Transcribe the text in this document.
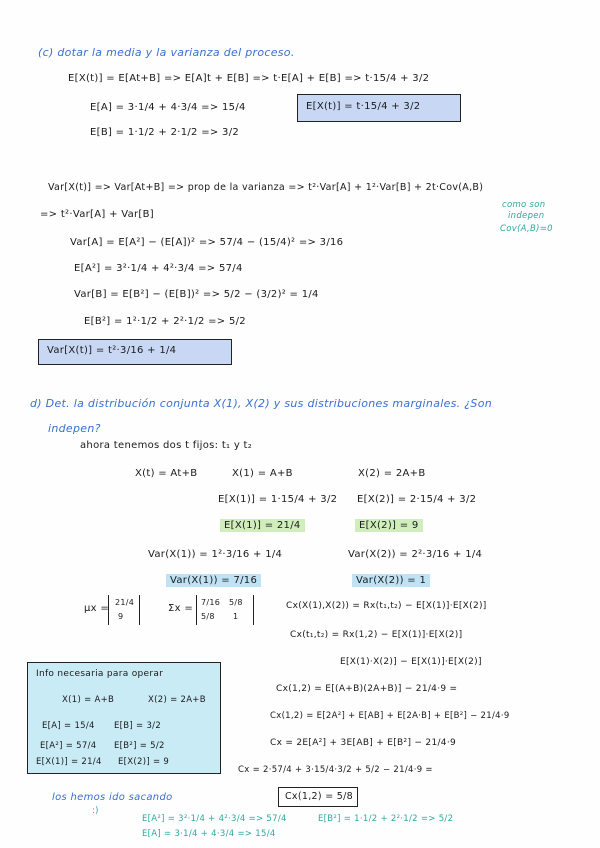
(c) dotar la media y la varianza del proceso.
E[X(t)] = E[At+B] => E[A]t + E[B] => t·E[A] + E[B] => t·15/4 + 3/2
E[A] = 3·1/4 + 4·3/4 => 15/4	E[X(t)] = t·15/4 + 3/2
E[B] = 1·1/2 + 2·1/2 => 3/2
Var[X(t)] => Var[At+B] => prop de la varianza => t²·Var[A] + 1²·Var[B] + 2t·Cov(A,B)
como son
indepen
Cov(A,B)=0
=> t²·Var[A] + Var[B]
Var[A] = E[A²] − (E[A])² => 57/4 − (15/4)² => 3/16
E[A²] = 3²·1/4 + 4²·3/4 => 57/4
Var[B] = E[B²] − (E[B])² => 5/2 − (3/2)² = 1/4
E[B²] = 1²·1/2 + 2²·1/2 => 5/2
Var[X(t)] = t²·3/16 + 1/4
d) Det. la distribución conjunta X(1), X(2) y sus distribuciones marginales. ¿Son
indepen?
ahora tenemos dos t fijos: t₁ y t₂
X(t) = At+B	X(1) = A+B	X(2) = 2A+B
E[X(1)] = 1·15/4 + 3/2 E[X(2)] = 2·15/4 + 3/2
E[X(1)] = 21/4	E[X(2)] = 9
Var(X(1)) = 1²·3/16 + 1/4	Var(X(2)) = 2²·3/16 + 1/4
Var(X(1)) = 7/16	Var(X(2)) = 1
μx =
21/4
9
Σx =
7/16 5/8
5/8 1
Cx(X(1),X(2)) = Rx(t₁,t₂) − E[X(1)]·E[X(2)]
Cx(t₁,t₂) = Rx(1,2) − E[X(1)]·E[X(2)]
E[X(1)·X(2)] − E[X(1)]·E[X(2)]
Cx(1,2) = E[(A+B)(2A+B)] − 21/4·9 =
Cx(1,2) = E[2A²] + E[AB] + E[2A·B] + E[B²] − 21/4·9
Cx = 2E[A²] + 3E[AB] + E[B²] − 21/4·9
Cx = 2·57/4 + 3·15/4·3/2 + 5/2 − 21/4·9 =
Cx(1,2) = 5/8
Info necesaria para operar
X(1) = A+B	X(2) = 2A+B
E[A] = 15/4 E[B] = 3/2
E[A²] = 57/4 E[B²] = 5/2
E[X(1)] = 21/4 E[X(2)] = 9
los hemos ido sacando
:)
E[A²] = 3²·1/4 + 4²·3/4 => 57/4	E[B²] = 1·1/2 + 2²·1/2 => 5/2
E[A] = 3·1/4 + 4·3/4 => 15/4
